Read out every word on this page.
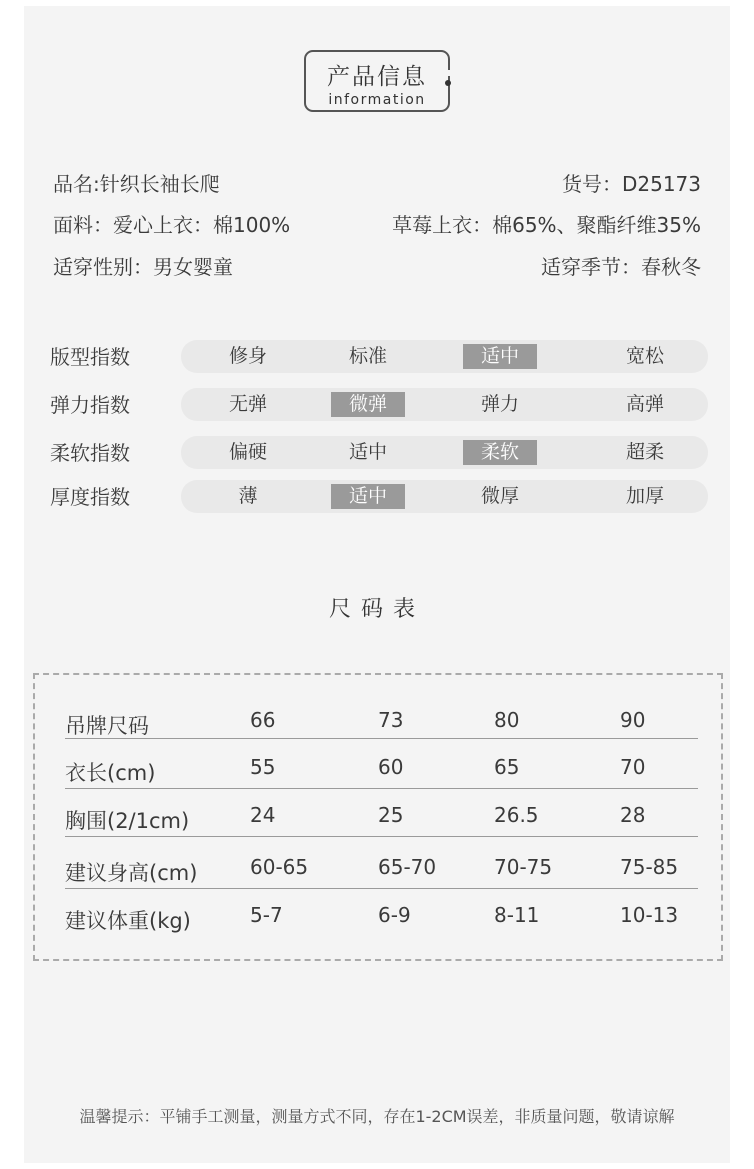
产品信息
information
品名:针织长袖长爬	货号：D25173
面料：爱心上衣：棉100%	草莓上衣：棉65%、聚酯纤维35%
适穿性别：男女婴童	适穿季节：春秋冬
版型指数	修身	标准	适中	宽松
弹力指数	无弹	微弹	弹力	高弹
柔软指数	偏硬	适中	柔软	超柔
厚度指数	薄	适中	微厚	加厚
尺码表
吊牌尺码	66	73	80	90
衣长(cm)	55	60	65	70
胸围(2/1cm)	24	25	26.5	28
建议身高(cm)	60-65	65-70	70-75	75-85
建议体重(kg)	5-7	6-9	8-11	10-13
温馨提示：平铺手工测量，测量方式不同，存在1-2CM误差，非质量问题，敬请谅解
